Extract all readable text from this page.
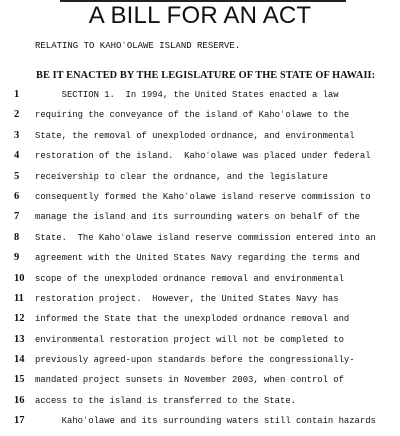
A BILL FOR AN ACT
RELATING TO KAHOʻOLAWE ISLAND RESERVE.
BE IT ENACTED BY THE LEGISLATURE OF THE STATE OF HAWAII:
1	SECTION 1.  In 1994, the United States enacted a law
2	requiring the conveyance of the island of Kahoʻolawe to the
3	State, the removal of unexploded ordnance, and environmental
4	restoration of the island.  Kahoʻolawe was placed under federal
5	receivership to clear the ordnance, and the legislature
6	consequently formed the Kahoʻolawe island reserve commission to
7	manage the island and its surrounding waters on behalf of the
8	State.  The Kahoʻolawe island reserve commission entered into an
9	agreement with the United States Navy regarding the terms and
10	scope of the unexploded ordnance removal and environmental
11	restoration project.  However, the United States Navy has
12	informed the State that the unexploded ordnance removal and
13	environmental restoration project will not be completed to
14	previously agreed-upon standards before the congressionally-
15	mandated project sunsets in November 2003, when control of
16	access to the island is transferred to the State.
17	Kahoʻolawe and its surrounding waters still contain hazards
